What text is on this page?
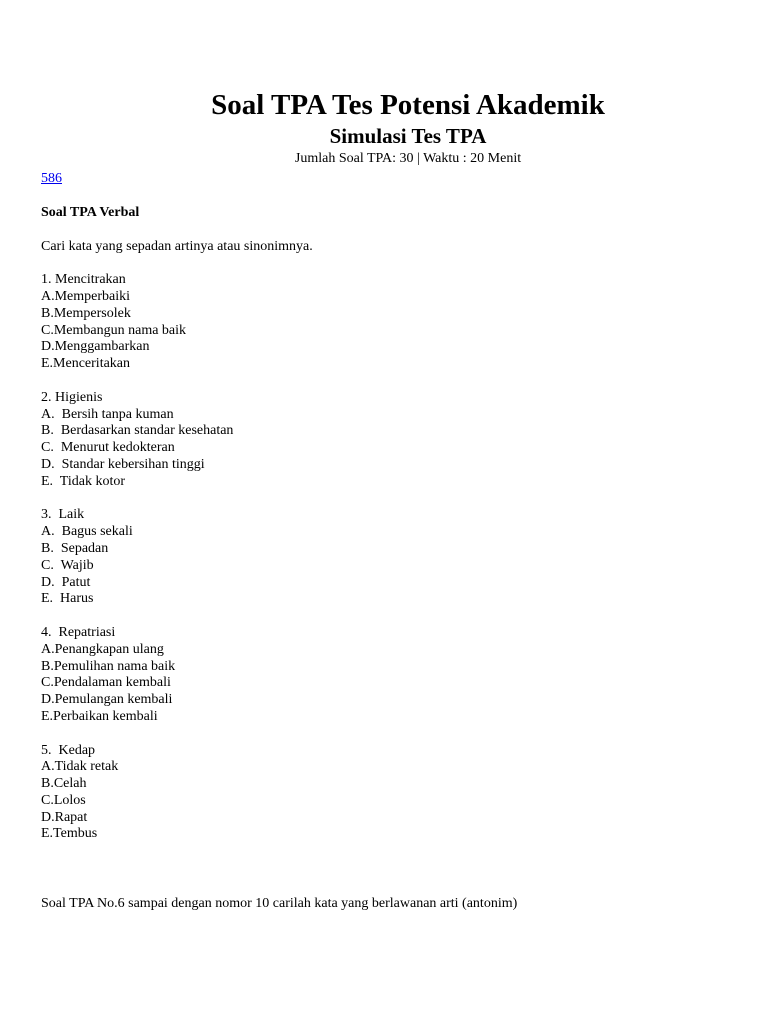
Soal TPA Tes Potensi Akademik
Simulasi Tes TPA

Jumlah Soal TPA: 30 | Waktu : 20 Menit

586

Soal TPA Verbal

Cari kata yang sepadan artinya atau sinonimnya.

1. Mencitrakan

A.Memperbaiki

B.Mempersolek

C.Membangun nama baik

D.Menggambarkan

E.Menceritakan

2. Higienis

A.  Bersih tanpa kuman

B.  Berdasarkan standar kesehatan

C.  Menurut kedokteran

D.  Standar kebersihan tinggi

E.  Tidak kotor

3.  Laik

A.  Bagus sekali

B.  Sepadan

C.  Wajib

D.  Patut

E.  Harus

4.  Repatriasi

A.Penangkapan ulang

B.Pemulihan nama baik

C.Pendalaman kembali

D.Pemulangan kembali

E.Perbaikan kembali

5.  Kedap

A.Tidak retak

B.Celah

C.Lolos

D.Rapat

E.Tembus

Soal TPA No.6 sampai dengan nomor 10 carilah kata yang berlawanan arti (antonim)
